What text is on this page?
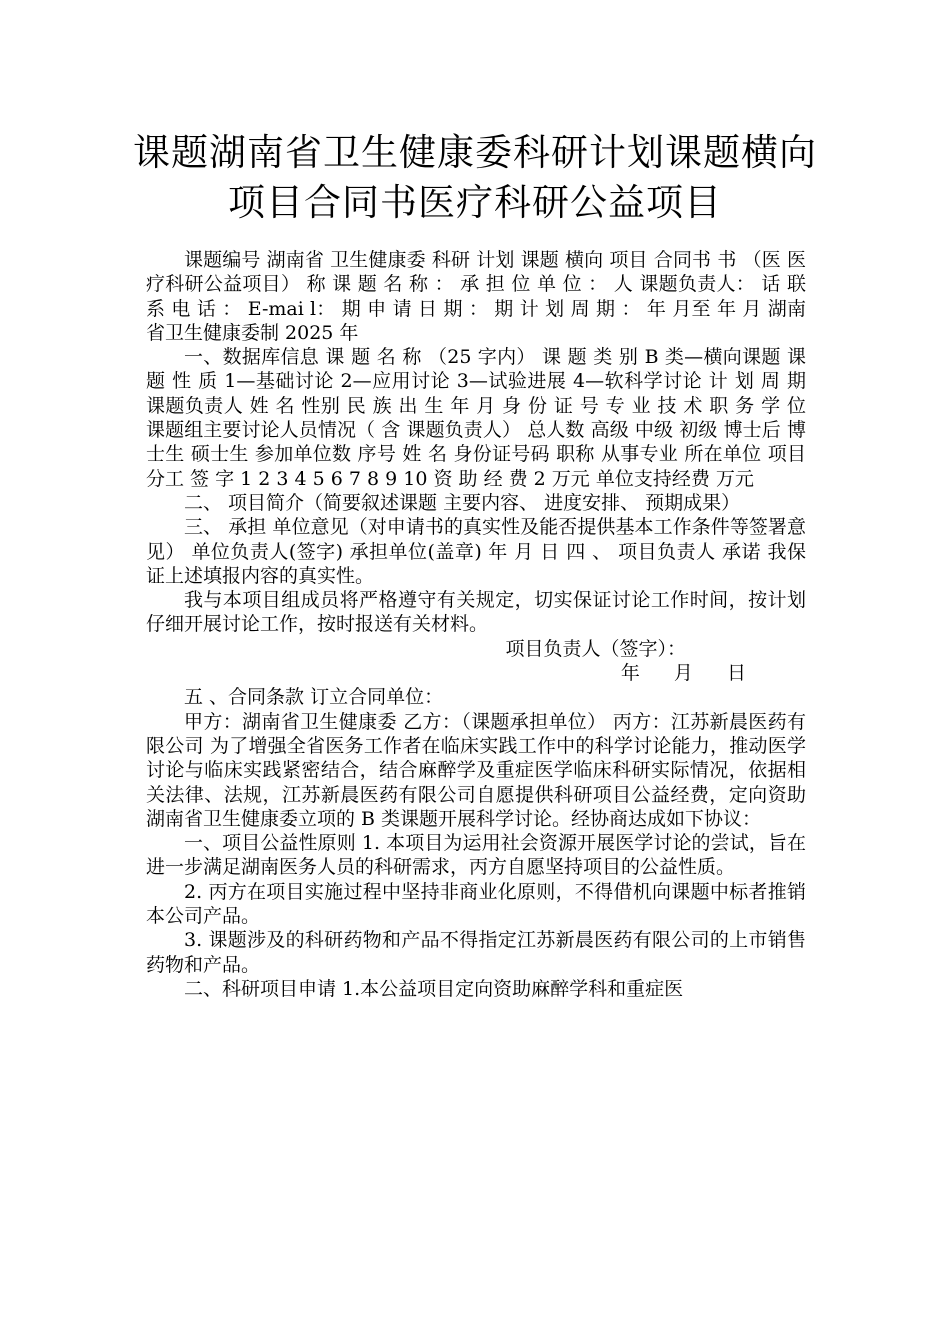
课题湖南省卫生健康委科研计划课题横向
项目合同书医疗科研公益项目

课题编号 湖南省 卫生健康委 科研 计划 课题 横向 项目 合同书 书 （医 医 疗科研公益项目） 称 课 题 名 称 ： 承 担 位 单 位 ： 人 课题负责人： 话 联 系 电 话 ： E-mai l： 期 申 请 日 期 ： 期 计 划 周 期 ： 年 月至 年 月 湖南省卫生健康委制 2025 年

一、数据库信息 课 题 名 称 （25 字内） 课 题 类 别 B 类—横向课题 课 题 性 质 1—基础讨论 2—应用讨论 3—试验进展 4—软科学讨论 计 划 周 期 课题负责人 姓 名 性别 民 族 出 生 年 月 身 份 证 号 专 业 技 术 职 务 学 位 课题组主要讨论人员情况（ 含 课题负责人） 总人数 高级 中级 初级 博士后 博士生 硕士生 参加单位数 序号 姓 名 身份证号码 职称 从事专业 所在单位 项目分工 签 字 1 2 3 4 5 6 7 8 9 10 资 助 经 费 2 万元 单位支持经费 万元

二、 项目简介（简要叙述课题 主要内容、 进度安排、 预期成果）

三、 承担 单位意见（对申请书的真实性及能否提供基本工作条件等签署意见） 单位负责人(签字) 承担单位(盖章) 年 月 日 四 、 项目负责人 承诺 我保证上述填报内容的真实性。

我与本项目组成员将严格遵守有关规定，切实保证讨论工作时间，按计划仔细开展讨论工作，按时报送有关材料。

项目负责人（签字）：

年 月 日

五 、合同条款 订立合同单位：

甲方：湖南省卫生健康委 乙方：（课题承担单位） 丙方：江苏新晨医药有限公司 为了增强全省医务工作者在临床实践工作中的科学讨论能力，推动医学讨论与临床实践紧密结合，结合麻醉学及重症医学临床科研实际情况，依据相关法律、法规，江苏新晨医药有限公司自愿提供科研项目公益经费，定向资助湖南省卫生健康委立项的 B 类课题开展科学讨论。经协商达成如下协议：

一、项目公益性原则 1. 本项目为运用社会资源开展医学讨论的尝试，旨在进一步满足湖南医务人员的科研需求，丙方自愿坚持项目的公益性质。

2. 丙方在项目实施过程中坚持非商业化原则，不得借机向课题中标者推销本公司产品。

3. 课题涉及的科研药物和产品不得指定江苏新晨医药有限公司的上市销售药物和产品。

二、科研项目申请 1.本公益项目定向资助麻醉学科和重症医
